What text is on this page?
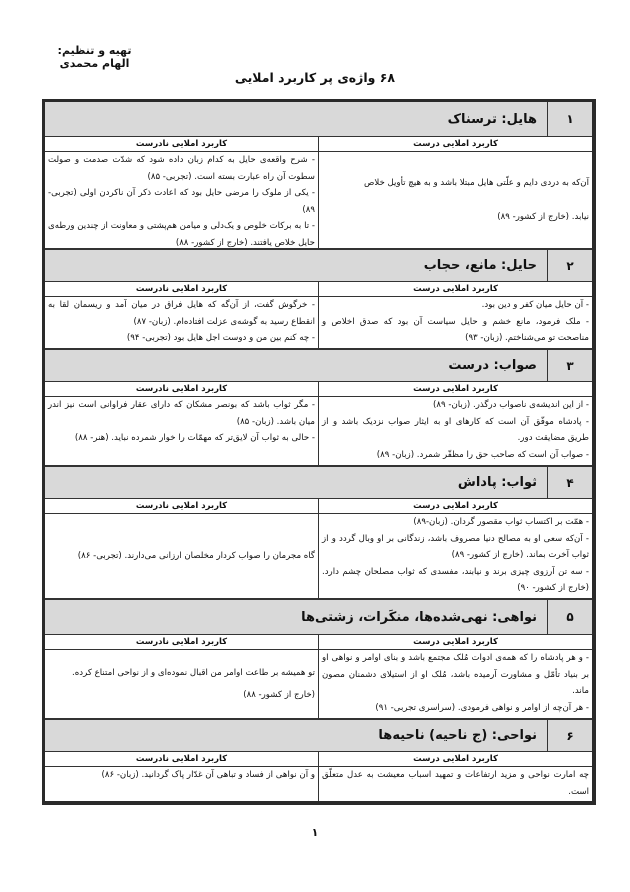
تهیه و تنظیم: الهام محمدی
۶۸ واژه‌ی پر کاربرد املایی
۱
هایل: ترسناک
کاربرد املایی درست
کاربرد املایی نادرست

آن‌که به دردی دایم و علّتی هایل مبتلا باشد و به هیچ تأویل خلاص

نیابد. (خارج از کشور- ۸۹)

- شرح واقعه‌ی حایل به کدام زبان داده شود که شدّت صدمت و صولت سطوت آن راه عبارت بسته است. (تجربی- ۸۵)

- یکی از ملوک را مرضی حایل بود که اعادت ذکر آن ناکردن اولی (تجربی- ۸۹)

- تا به برکات خلوص و یک‌دلی و میامن هم‌پشتی و معاونت از چندین ورطه‌ی حایل خلاص یافتند. (خارج از کشور- ۸۸)

۲
حایل: مانع، حجاب
کاربرد املایی درست
کاربرد املایی نادرست

- آن حایل میان کفر و دین بود.

- ملک فرمود، مانع خشم و حایل سیاست آن بود که صدق اخلاص و مناصحت تو می‌شناختم. (زبان- ۹۳)

- خرگوش گفت، از آن‌گه که هایل فراق در میان آمد و ریسمان لقا به انقطاع رسید به گوشه‌ی عزلت افتاده‌ام. (زبان- ۸۷)

- چه کنم بین من و دوست اجل هایل بود (تجربی- ۹۴)

۳
صواب: درست
کاربرد املایی درست
کاربرد املایی نادرست

- از این اندیشه‌ی ناصواب درگذر. (زبان- ۸۹)

- پادشاه موفّق آن است که کارهای او به ایثار صواب نزدیک باشد و از طریق مضایقت دور.

- صواب آن است که صاحب حق را مظفّر شمرد. (زبان- ۸۹)

- مگر ثواب باشد که بونصر مشکان که دارای عقار فراوانی است نیز اندر میان باشد. (زبان- ۸۵)

- حالی به ثواب آن لایق‌تر که مهمّات را خوار شمرده نباید. (هنر- ۸۸)

۴
ثواب: پاداش
کاربرد املایی درست
کاربرد املایی نادرست

- همّت بر اکتساب ثواب مقصور گردان. (زبان-۸۹)

- آن‌که سعی او به مصالح دنیا مصروف باشد، زندگانی بر او وبال گردد و از ثواب آخرت بماند. (خارج از کشور- ۸۹)

- سه تن آرزوی چیزی برند و نیابند، مفسدی که ثواب مصلحان چشم دارد. (خارج از کشور- ۹۰)

گاه مجرمان را صواب کردار مخلصان ارزانی می‌دارند. (تجربی- ۸۶)

۵
نواهی: نهی‌شده‌ها، منکَرات، زشتی‌ها
کاربرد املایی درست
کاربرد املایی نادرست

- و هر پادشاه را که همه‌ی ادوات مُلک مجتمع باشد و بنای اوامر و نواهی او بر بنیاد تأمّل و مشاورت آرمیده باشد، مُلک او از استیلای دشمنان مصون ماند.

- هر آن‌چه از اوامر و نواهی فرمودی. (سراسری تجربی- ۹۱)

تو همیشه بر طاعت اوامر من اقبال نموده‌ای و از نواحی امتناع کرده.

(خارج از کشور- ۸۸)

۶
نواحی: (ج ناحیه) ناحیه‌ها
کاربرد املایی درست
کاربرد املایی نادرست

چه امارت نواحی و مزید ارتفاعات و تمهید اسباب معیشت به عدل متعلّق است.

و آن نواهی از فساد و تباهی آن غدّار پاک گردانید. (زبان- ۸۶)

۱
